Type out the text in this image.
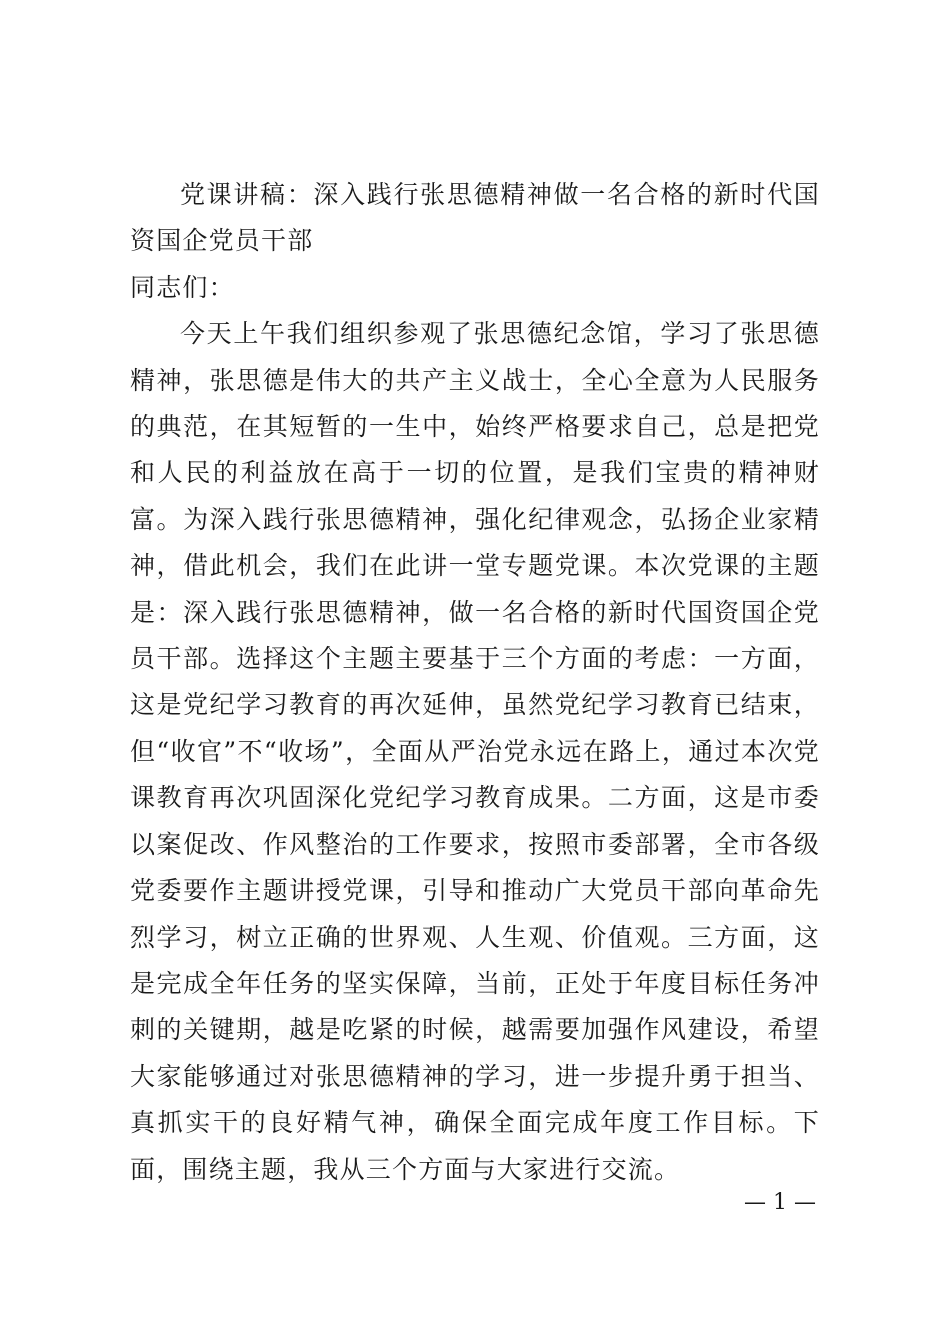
党课讲稿：深入践行张思德精神做一名合格的新时代国资国企党员干部

同志们：

今天上午我们组织参观了张思德纪念馆，学习了张思德精神，张思德是伟大的共产主义战士，全心全意为人民服务的典范，在其短暂的一生中，始终严格要求自己，总是把党和人民的利益放在高于一切的位置，是我们宝贵的精神财富。为深入践行张思德精神，强化纪律观念，弘扬企业家精神，借此机会，我们在此讲一堂专题党课。本次党课的主题是：深入践行张思德精神，做一名合格的新时代国资国企党员干部。选择这个主题主要基于三个方面的考虑：一方面，这是党纪学习教育的再次延伸，虽然党纪学习教育已结束，但“收官”不“收场”，全面从严治党永远在路上，通过本次党课教育再次巩固深化党纪学习教育成果。二方面，这是市委以案促改、作风整治的工作要求，按照市委部署，全市各级党委要作主题讲授党课，引导和推动广大党员干部向革命先烈学习，树立正确的世界观、人生观、价值观。三方面，这是完成全年任务的坚实保障，当前，正处于年度目标任务冲刺的关键期，越是吃紧的时候，越需要加强作风建设，希望大家能够通过对张思德精神的学习，进一步提升勇于担当、真抓实干的良好精气神，确保全面完成年度工作目标。下面，围绕主题，我从三个方面与大家进行交流。

— 1 —
